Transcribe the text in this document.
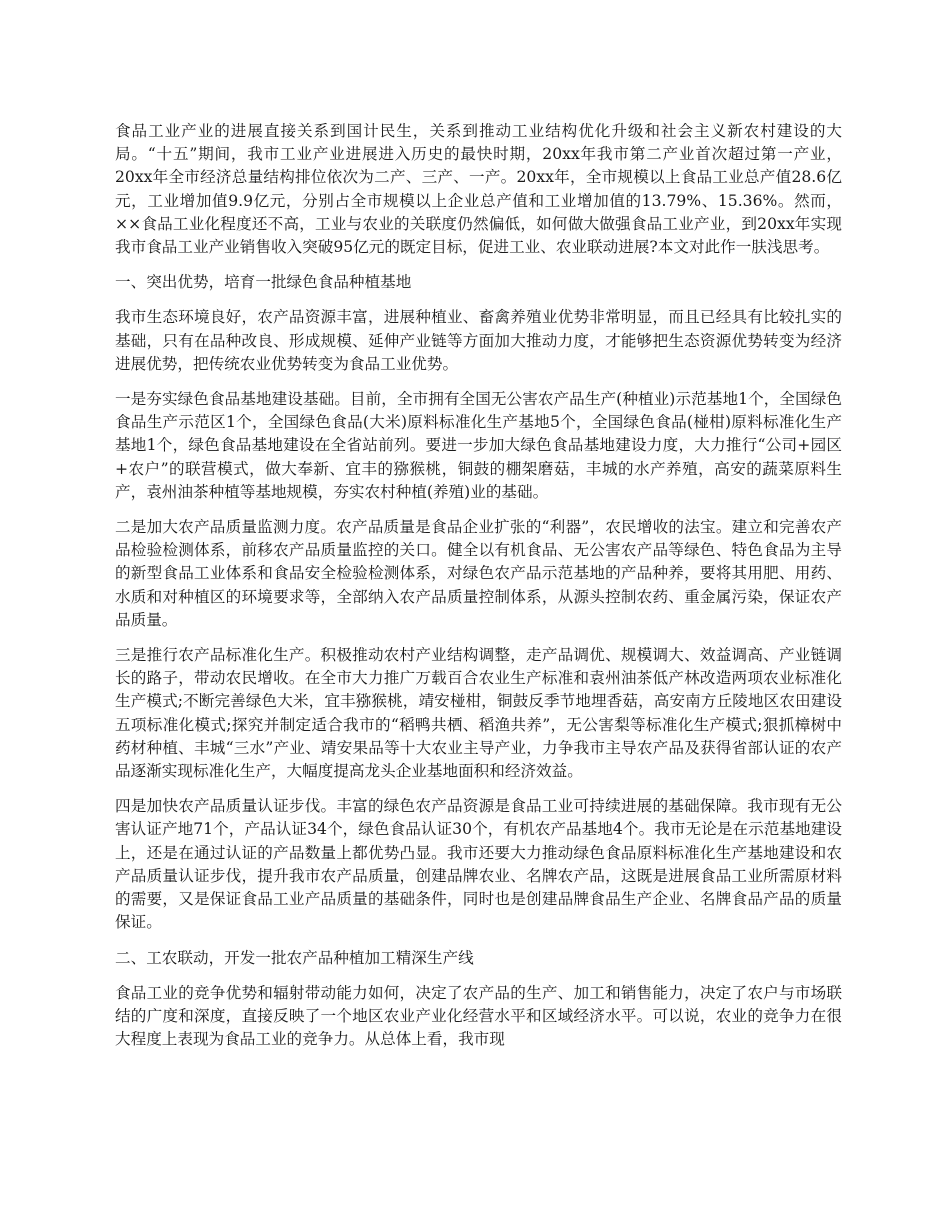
食品工业产业的进展直接关系到国计民生，关系到推动工业结构优化升级和社会主义新农村建设的大局。“十五”期间，我市工业产业进展进入历史的最快时期，20xx年我市第二产业首次超过第一产业，20xx年全市经济总量结构排位依次为二产、三产、一产。20xx年，全市规模以上食品工业总产值28.6亿元，工业增加值9.9亿元，分别占全市规模以上企业总产值和工业增加值的13.79%、15.36%。然而，××食品工业化程度还不高，工业与农业的关联度仍然偏低，如何做大做强食品工业产业，到20xx年实现我市食品工业产业销售收入突破95亿元的既定目标，促进工业、农业联动进展?本文对此作一肤浅思考。

一、突出优势，培育一批绿色食品种植基地

我市生态环境良好，农产品资源丰富，进展种植业、畜禽养殖业优势非常明显，而且已经具有比较扎实的基础，只有在品种改良、形成规模、延伸产业链等方面加大推动力度，才能够把生态资源优势转变为经济进展优势，把传统农业优势转变为食品工业优势。

一是夯实绿色食品基地建设基础。目前，全市拥有全国无公害农产品生产(种植业)示范基地1个，全国绿色食品生产示范区1个，全国绿色食品(大米)原料标准化生产基地5个，全国绿色食品(椪柑)原料标准化生产基地1个，绿色食品基地建设在全省站前列。要进一步加大绿色食品基地建设力度，大力推行“公司+园区+农户”的联营模式，做大奉新、宜丰的猕猴桃，铜鼓的棚架磨菇，丰城的水产养殖，高安的蔬菜原料生产，袁州油茶种植等基地规模，夯实农村种植(养殖)业的基础。

二是加大农产品质量监测力度。农产品质量是食品企业扩张的“利器”，农民增收的法宝。建立和完善农产品检验检测体系，前移农产品质量监控的关口。健全以有机食品、无公害农产品等绿色、特色食品为主导的新型食品工业体系和食品安全检验检测体系，对绿色农产品示范基地的产品种养，要将其用肥、用药、水质和对种植区的环境要求等，全部纳入农产品质量控制体系，从源头控制农药、重金属污染，保证农产品质量。

三是推行农产品标准化生产。积极推动农村产业结构调整，走产品调优、规模调大、效益调高、产业链调长的路子，带动农民增收。在全市大力推广万载百合农业生产标准和袁州油茶低产林改造两项农业标准化生产模式;不断完善绿色大米，宜丰猕猴桃，靖安椪柑，铜鼓反季节地埋香菇，高安南方丘陵地区农田建设五项标准化模式;探究并制定适合我市的“稻鸭共栖、稻渔共养”，无公害梨等标准化生产模式;狠抓樟树中药材种植、丰城“三水”产业、靖安果品等十大农业主导产业，力争我市主导农产品及获得省部认证的农产品逐渐实现标准化生产，大幅度提高龙头企业基地面积和经济效益。

四是加快农产品质量认证步伐。丰富的绿色农产品资源是食品工业可持续进展的基础保障。我市现有无公害认证产地71个，产品认证34个，绿色食品认证30个，有机农产品基地4个。我市无论是在示范基地建设上，还是在通过认证的产品数量上都优势凸显。我市还要大力推动绿色食品原料标准化生产基地建设和农产品质量认证步伐，提升我市农产品质量，创建品牌农业、名牌农产品，这既是进展食品工业所需原材料的需要，又是保证食品工业产品质量的基础条件，同时也是创建品牌食品生产企业、名牌食品产品的质量保证。

二、工农联动，开发一批农产品种植加工精深生产线

食品工业的竞争优势和辐射带动能力如何，决定了农产品的生产、加工和销售能力，决定了农户与市场联结的广度和深度，直接反映了一个地区农业产业化经营水平和区域经济水平。可以说，农业的竞争力在很大程度上表现为食品工业的竞争力。从总体上看，我市现
